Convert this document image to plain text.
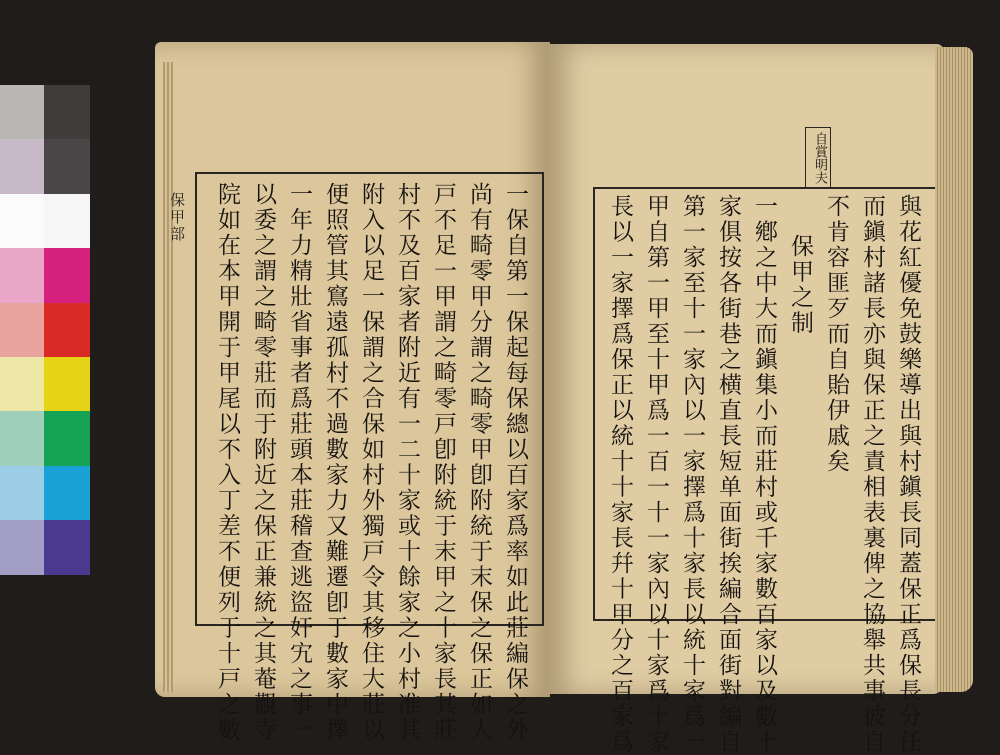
保甲部	一保自第一保起每保總以百家爲率如此莊編保之外
尚有畸零甲分謂之畸零甲卽附統于末保之保正如人
戸不足一甲謂之畸零戸卽附統于末甲之十家長其莊
村不及百家者附近有一二十家或十餘家之小村准其
附入以足一保謂之合保如村外獨戸令其移住大莊以
便照管其窵遠孤村不過數家力又難遷卽于數家中擇
一年力精壯省事者爲莊頭本莊稽查逃盜奸宄之事一
以委之謂之畸零莊而于附近之保正兼統之其菴觀寺
院如在本甲開于甲尾以不入丁差不便列于十戸之數	與花紅優免鼓樂導出與村鎭長同蓋保正爲保長分任
而鎭村諸長亦與保正之責相表裏俾之協舉共事彼自
不肯容匪歹而自貽伊戚矣
保甲之制
一鄕之中大而鎭集小而莊村或千家數百家以及數十
家俱按各街巷之横直長短单面街挨編合面街對編自
第一家至十一家內以一家擇爲十家長以統十家爲一
甲自第一甲至十甲爲一百一十一家內以十家爲十家
長以一家擇爲保正以統十十家長幷十甲分之百家爲
自賞明夫
